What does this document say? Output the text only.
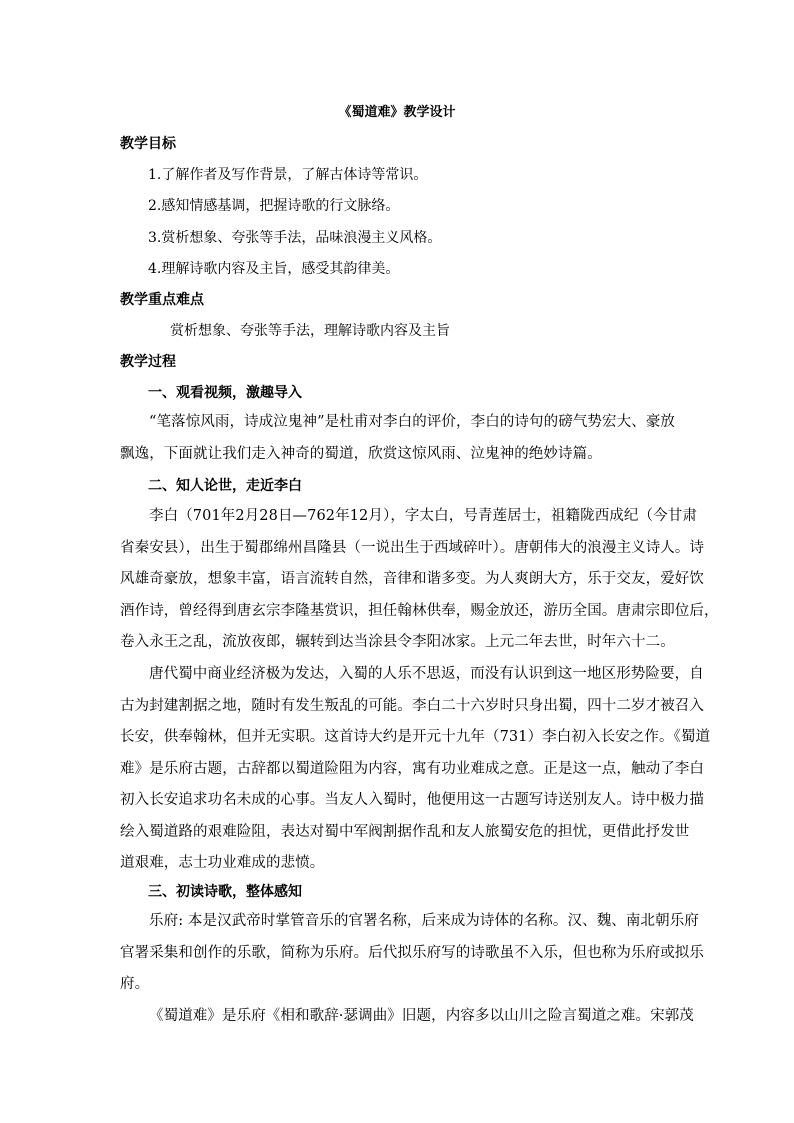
《蜀道难》教学设计
教学目标
1.了解作者及写作背景，了解古体诗等常识。
2.感知情感基调，把握诗歌的行文脉络。
3.赏析想象、夸张等手法，品味浪漫主义风格。
4.理解诗歌内容及主旨，感受其韵律美。
教学重点难点
赏析想象、夸张等手法，理解诗歌内容及主旨
教学过程
一、观看视频，激趣导入
“笔落惊风雨，诗成泣鬼神”是杜甫对李白的评价，李白的诗句的磅气势宏大、豪放
飘逸，下面就让我们走入神奇的蜀道，欣赏这惊风雨、泣鬼神的绝妙诗篇。
二、知人论世，走近李白
李白（701年2月28日—762年12月），字太白，号青莲居士，祖籍陇西成纪（今甘肃
省秦安县），出生于蜀郡绵州昌隆县（一说出生于西域碎叶）。唐朝伟大的浪漫主义诗人。诗
风雄奇豪放，想象丰富，语言流转自然，音律和谐多变。为人爽朗大方，乐于交友，爱好饮
酒作诗，曾经得到唐玄宗李隆基赏识，担任翰林供奉，赐金放还，游历全国。唐肃宗即位后，
卷入永王之乱，流放夜郎，辗转到达当涂县令李阳冰家。上元二年去世，时年六十二。
唐代蜀中商业经济极为发达，入蜀的人乐不思返，而没有认识到这一地区形势险要，自
古为封建割据之地，随时有发生叛乱的可能。李白二十六岁时只身出蜀，四十二岁才被召入
长安，供奉翰林，但并无实职。这首诗大约是开元十九年（731）李白初入长安之作。《蜀道
难》是乐府古题，古辞都以蜀道险阻为内容，寓有功业难成之意。正是这一点，触动了李白
初入长安追求功名未成的心事。当友人入蜀时，他便用这一古题写诗送别友人。诗中极力描
绘入蜀道路的艰难险阻，表达对蜀中军阀割据作乱和友人旅蜀安危的担忧，更借此抒发世
道艰难，志士功业难成的悲愤。
三、初读诗歌，整体感知
乐府: 本是汉武帝时掌管音乐的官署名称，后来成为诗体的名称。汉、魏、南北朝乐府
官署采集和创作的乐歌，简称为乐府。后代拟乐府写的诗歌虽不入乐，但也称为乐府或拟乐
府。
《蜀道难》是乐府《相和歌辞·瑟调曲》旧题，内容多以山川之险言蜀道之难。宋郭茂
